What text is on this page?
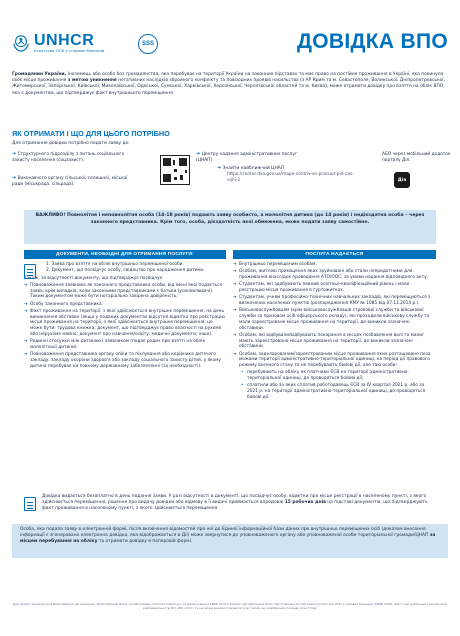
UNHCR
Агентство ООН у справах біженців
SSS	ДОВІДКА ВПО
Громадянин України, іноземець або особа без громадянства, яка перебуває на території України на законних підставах та має право на постійне проживання в Україні, яка покинула своє місце проживання з метою уникнення негативних наслідків збройного конфлікту та повсюдних проявів насильства (з АР Крим та м. Севастополя, Волинської, Дніпропетровської, Житомирської, Запорізької, Київської, Миколаївської, Одеської, Сумської, Харківської, Херсонської, Чернігівської областей та м. Києва), може отримати довідку про взяття на облік ВПО, яка є документом, що підтверджує факт внутрішнього переміщення.
ЯК ОТРИМАТИ І ЩО ДЛЯ ЦЬОГО ПОТРІБНО
Для отримання довідки потрібно подати заяву до:
➔ Структурного підрозділу з питань соціального захисту населення (соцзахист).
➔ Виконавчого органу сільської, селищної, міської ради (міськрада, сільрада).
➔ Центру надання адміністративних послуг (ЦНАП)
➔ Знайти найближчий ЦНАП
https://center.diia.gov.ua/mapa-centriv-so-pracuut-pid-cas-vijni-2
АБО через мобільний додаток порталу Дія.
Дія
ВАЖЛИВО! Повнолітня і неповнолітня особа (14-18 років) подають заяву особисто, а малолітня дитина (до 14 років) і недієздатна особа – через законного представника. Крім того, особа, дієздатність якої обмежена, може подати заяву самостійно.
ДОКУМЕНТИ, НЕОБХІДНІ ДЛЯ ОТРИМАННЯ ПОСЛУГИ:	ПОСЛУГА НАДАЄТЬСЯ
1. Заява про взяття на облік внутрішньо переміщеної особи.
2. Документ, що посвідчує особу, свідоцтво про народження дитини.
Також, за відсутності документу, що підтверджує посвідчує:
➔ Повноваження заявника як законного представника особи, від імені якої подається заява, крім випадків, коли законними представниками є батьки (усиновлювачі). Таким документом може бути нотаріально завірена довіреність.
➔ Особу законного представника.
➔ Факт проживання на території, з якої здійснюється внутрішнє переміщення, на день виникнення обставин (якщо у поданих документах відсутня відмітка про реєстрацію місця проживання на території, з якої здійснюється внутрішнє переміщення, це може бути: трудова книжка; документ, що підтверджує право власності на рухоме або нерухоме майно; документ про навчання/освіту; медичні документи; інше).
➔ Родинні стосунки між дитиною і заявником (подає родич при взятті на облік малолітньої дитини).
➔ Повноваження представника органу опіки та піклування або керівника дитячого закладу, закладу охорони здоров'я або закладу соціального захисту дітей, у якому дитина перебуває на повному державному забезпеченні (за необхідності).
➔ Внутрішньо переміщеним особам.
➔ Особам, житлові приміщення яких зруйновані або стали непридатними для проживання внаслідок проведення АТО/ООС, за умови надання відповідного акту.
➔ Студентам, які здобувають певний освітньо-кваліфікаційний рівень і мали реєстрацію місця проживання в гуртожитках.
➔ Студентам, учням професійно-технічних навчальних закладів, які переміщуються з визначених населених пунктів (розпорядження КМУ № 1085 від 07.11.2014 р.).
➔ Військовослужбовцям (крім військовослужбовців строкової служби та військової служби за призовом осіб офіцерського складу), які проходили військову службу та мали зареєстроване місце проживання на території, де виникли зазначені обставини.
➔ Особам, які відбували/відбувають покарання в місцях позбавлення волі та мали/мають зареєстроване місце проживання на території, де виникли зазначені обставини.
➔ Особам, заделарованим/зареєстрованим місце проживання яких розташоване поза межами території адміністративно-територіальної одиниці, на період дії правового режиму воєнного стану та не перебувають бойові дії, але такі особи:
• перебувають на обліку як платники ЄСВ на території адміністративно-територіальної одиниці, де проводяться бойові дії;
• сплатили або за яких сплатив роботодавець ЄСВ за IV квартал 2021 р. або за 2021 р. на території адміністративно-територіальної одиниці, де проводяться бойові дії.
Довідка видається безоплатно в день подання заяви. У разі відсутності в документі, що посвідчує особу, відмітки про місце реєстрації в населеному пункті, з якого здійснюється переміщення, рішення про видачу довідки або відмову в її видачі приймається впродовж 15 робочих днів на підставі документів, що підтверджують факт проживання в населеному пункті, з якого здійснюється переміщення.
Особа, яка подала заяву в електронній формі, після включення відомостей про неї до Єдиної інформаційної бази даних про внутрішньо переміщених осіб (доказом внесення інформації є згенерована електронна довідка, яка відображається в Дії) може звернутися до уповноваженого органу або уповноваженої особи територіальної громади/ЦНАП за місцем перебування на обліку та отримати довідку в паперовій формі.
Цей проект реалізується Благодійною організацією «Благодійний Фонд «Стабілізейшн Саппорт Сервісез» за фінансування УВКБ ООН в Україні. Ця публікація була підготовлена за підтримки Агентства ООН у справах біженців (УВКБ ООН). Зміст цієї публікації є виключною відповідальністю БО «БФ «ССС» та не може використовуватися як такий, що відображає позицію Агентства.
